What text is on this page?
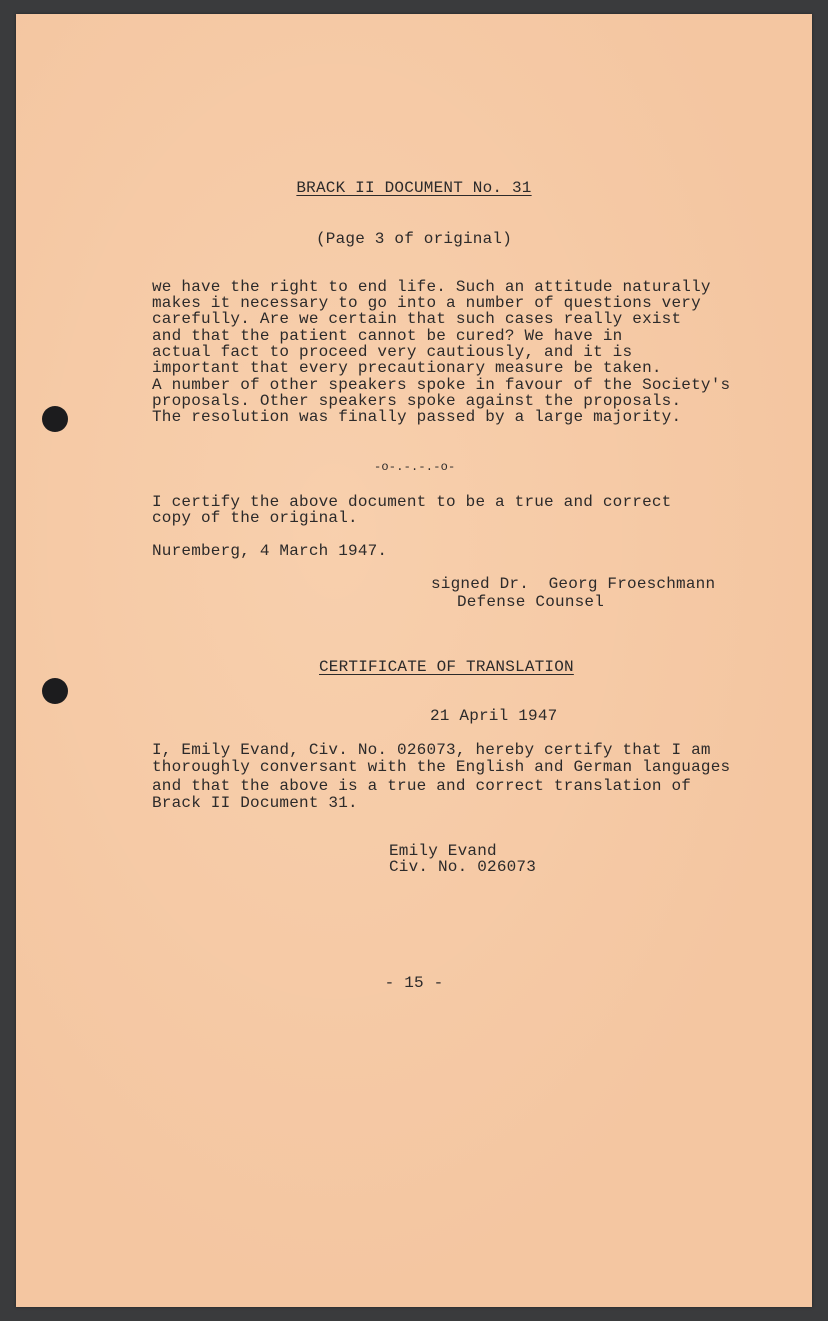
BRACK II DOCUMENT No. 31
(Page 3 of original)
we have the right to end life. Such an attitude naturally
makes it necessary to go into a number of questions very
carefully. Are we certain that such cases really exist
and that the patient cannot be cured? We have in
actual fact to proceed very cautiously, and it is
important that every precautionary measure be taken.
A number of other speakers spoke in favour of the Society's
proposals. Other speakers spoke against the proposals.
The resolution was finally passed by a large majority.
-o-.-.-.-o-
I certify the above document to be a true and correct
copy of the original.
Nuremberg, 4 March 1947.
signed Dr.  Georg Froeschmann
Defense Counsel
CERTIFICATE OF TRANSLATION
21 April 1947
I, Emily Evand, Civ. No. 026073, hereby certify that I am
thoroughly conversant with the English and German languages
and that the above is a true and correct translation of
Brack II Document 31.
Emily Evand
Civ. No. 026073
- 15 -
